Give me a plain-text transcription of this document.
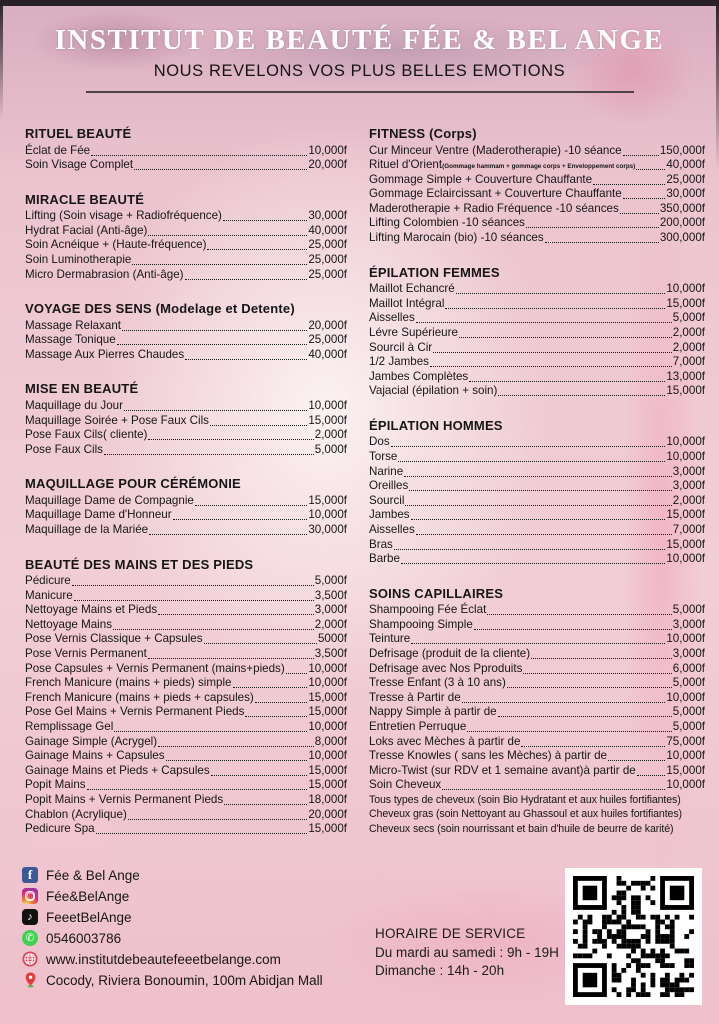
INSTITUT DE BEAUTÉ FÉE & BEL ANGE
NOUS REVELONS VOS PLUS BELLES EMOTIONS
RITUEL BEAUTÉ
Éclat de Fée	10,000f
Soin Visage Complet	20,000f
MIRACLE BEAUTÉ
Lifting (Soin visage + Radiofréquence)	30,000f
Hydrat Facial (Anti-âge)	40,000f
Soin Acnéique + (Haute-fréquence)	25,000f
Soin Luminotherapie	25,000f
Micro Dermabrasion (Anti-âge)	25,000f
VOYAGE DES SENS (Modelage et Detente)
Massage Relaxant	20,000f
Massage Tonique	25,000f
Massage Aux Pierres Chaudes	40,000f
MISE EN BEAUTÉ
Maquillage du Jour	10,000f
Maquillage Soirée + Pose Faux Cils	15,000f
Pose Faux Cils( cliente)	2,000f
Pose Faux Cils	5,000f
MAQUILLAGE POUR CÉRÉMONIE
Maquillage Dame de Compagnie	15,000f
Maquillage Dame d'Honneur	10,000f
Maquillage de la Mariée	30,000f
BEAUTÉ DES MAINS ET DES PIEDS
Pédicure	5,000f
Manicure	3,500f
Nettoyage Mains et Pieds	3,000f
Nettoyage Mains	2,000f
Pose Vernis Classique + Capsules	5000f
Pose Vernis Permanent	3,500f
Pose Capsules + Vernis Permanent (mains+pieds) 10,000f
French Manicure (mains + pieds) simple	10,000f
French Manicure (mains + pieds + capsules)	15,000f
Pose Gel Mains + Vernis Permanent Pieds	15,000f
Remplissage Gel	10,000f
Gainage Simple (Acrygel)	8,000f
Gainage Mains + Capsules	10,000f
Gainage Mains et Pieds + Capsules	15,000f
Popit Mains	15,000f
Popit Mains + Vernis Permanent Pieds	18,000f
Chablon (Acrylique)	20,000f
Pedicure Spa	15,000f
FITNESS (Corps)
Cur Minceur Ventre (Maderotherapie) -10 séance	150,000f
Rituel d'Orient (Gommage hammam + gommage corps + Enveloppement corps)	40,000f
Gommage Simple + Couverture Chauffante	25,000f
Gommage Eclaircissant + Couverture Chauffante	30,000f
Maderotherapie + Radio Fréquence -10 séances	350,000f
Lifting Colombien -10 séances	200,000f
Lifting Marocain (bio) -10 séances	300,000f
ÉPILATION FEMMES
Maillot Echancré	10,000f
Maillot Intégral	15,000f
Aisselles	5,000f
Lévre Supérieure	2,000f
Sourcil à Cir	2,000f
1/2 Jambes	7,000f
Jambes Complètes	13,000f
Vajacial (épilation + soin)	15,000f
ÉPILATION HOMMES
Dos	10,000f
Torse	10,000f
Narine	3,000f
Oreilles	3,000f
Sourcil	2,000f
Jambes	15,000f
Aisselles	7,000f
Bras	15,000f
Barbe	10,000f
SOINS CAPILLAIRES
Shampooing Fée Éclat	5,000f
Shampooing Simple	3,000f
Teinture	10,000f
Defrisage (produit de la cliente)	3,000f
Defrisage avec Nos Pproduits	6,000f
Tresse Enfant (3 à 10 ans)	5,000f
Tresse à Partir de	10,000f
Nappy Simple à partir de	5,000f
Entretien Perruque	5,000f
Loks avec Mèches à partir de	75,000f
Tresse Knowles ( sans les Mèches) à partir de	10,000f
Micro-Twist (sur RDV et 1 semaine avant)à partir de	15,000f
Soin Cheveux	10,000f
Tous types de cheveux (soin Bio Hydratant et aux huiles fortifiantes)
Cheveux gras (soin Nettoyant au Ghassoul et aux huiles fortifiantes)
Cheveux secs (soin nourrissant et bain d'huile de beurre de karité)
f	Fée & Bel Ange
Fée&BelAnge
♪ FeeetBelAnge
✆ 0546003786
www.institutdebeautefeeetbelange.com
Cocody, Riviera Bonoumin, 100m Abidjan Mall
HORAIRE DE SERVICE
Du mardi au samedi : 9h - 19H
Dimanche : 14h - 20h
